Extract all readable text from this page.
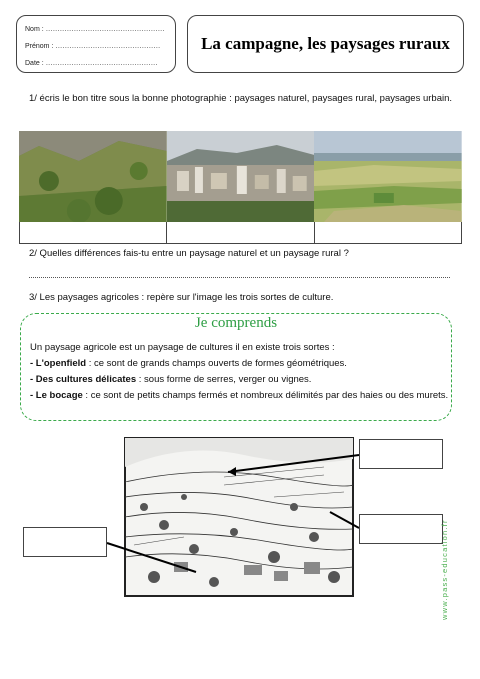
Nom : ……………………………………………
Prénom : ………………………………………
Date : …………………………………………
La campagne, les paysages ruraux
1/ écris le bon titre sous la bonne photographie : paysages naturel, paysages rural, paysages urbain.
2/ Quelles différences fais-tu entre un paysage naturel et un paysage rural ?
3/ Les paysages agricoles : repère sur l'image les trois sortes de culture.
Je comprends
Un paysage agricole est un paysage de cultures il en existe trois sortes :
- L'openfield : ce sont de grands champs ouverts de formes géométriques.
- Des cultures délicates : sous forme de serres, verger ou vignes.
- Le bocage : ce sont de petits champs fermés et nombreux délimités par des haies ou des murets.
www.pass-education.fr
